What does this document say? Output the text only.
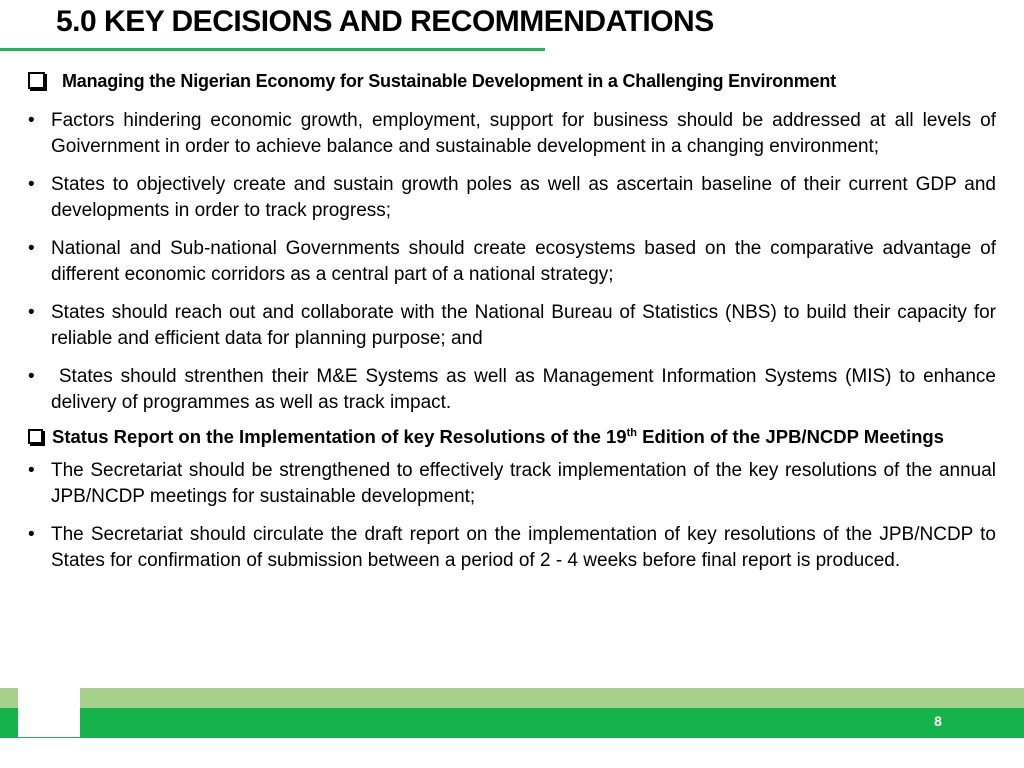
5.0 KEY DECISIONS AND RECOMMENDATIONS
Managing the Nigerian Economy for Sustainable Development in a Challenging Environment
• Factors hindering economic growth, employment, support for business should be addressed at all levels of Goivernment in order to achieve balance and sustainable development in a changing environment;
• States to objectively create and sustain growth poles as well as ascertain baseline of their current GDP and developments in order to track progress;
• National and Sub-national Governments should create ecosystems based on the comparative advantage of different economic corridors as a central part of a national strategy;
• States should reach out and collaborate with the National Bureau of Statistics (NBS) to build their capacity for reliable and efficient data for planning purpose; and
• States should strenthen their M&E Systems as well as Management Information Systems (MIS) to enhance delivery of programmes as well as track impact.
Status Report on the Implementation of key Resolutions of the 19th Edition of the JPB/NCDP Meetings
• The Secretariat should be strengthened to effectively track implementation of the key resolutions of the annual JPB/NCDP meetings for sustainable development;
• The Secretariat should circulate the draft report on the implementation of key resolutions of the JPB/NCDP to States for confirmation of submission between a period of 2 - 4 weeks before final report is produced.
8
